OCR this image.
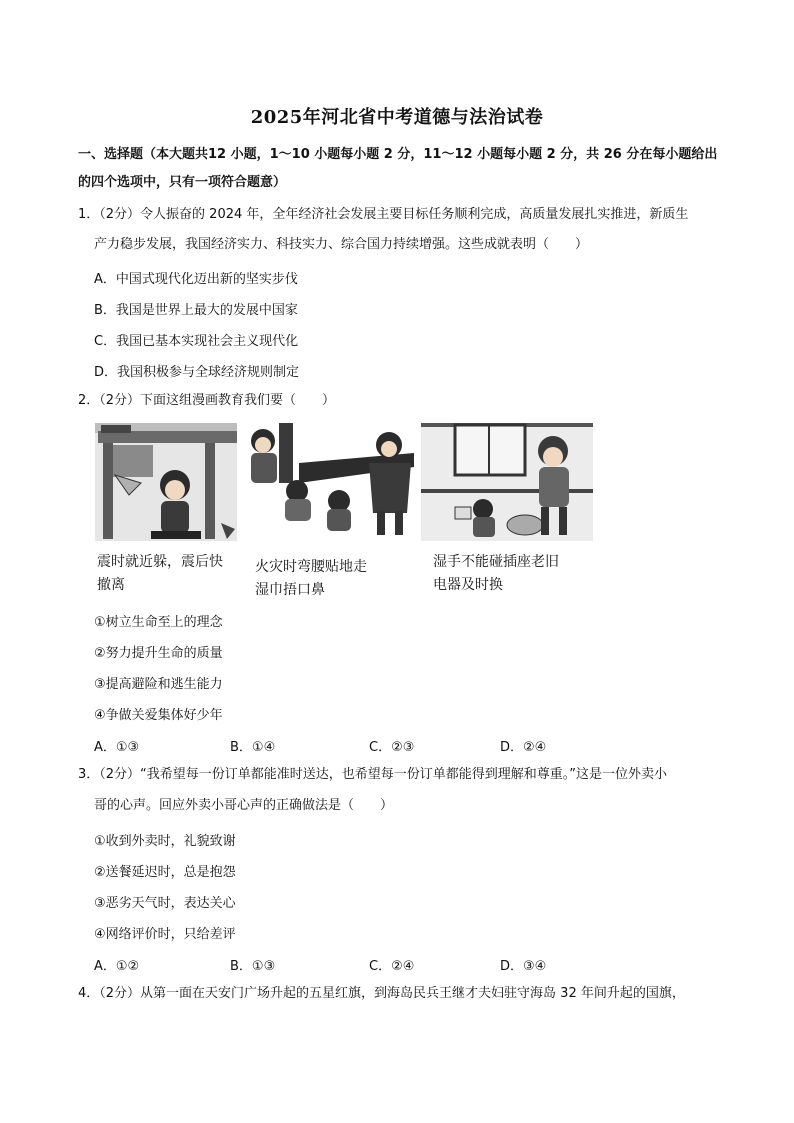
2025年河北省中考道德与法治试卷
一、选择题（本大题共12 小题，1～10 小题每小题 2 分，11～12 小题每小题 2 分，共 26 分在每小题给出
的四个选项中，只有一项符合题意）
1．（2分）令人振奋的 2024 年，全年经济社会发展主要目标任务顺利完成，高质量发展扎实推进，新质生
产力稳步发展，我国经济实力、科技实力、综合国力持续增强。这些成就表明（　　）
A．中国式现代化迈出新的坚实步伐
B．我国是世界上最大的发展中国家
C．我国已基本实现社会主义现代化
D．我国积极参与全球经济规则制定
2．（2分）下面这组漫画教育我们要（　　）
震时就近躲，震后快
撤离
火灾时弯腰贴地走
湿巾捂口鼻
湿手不能碰插座老旧
电器及时换
①树立生命至上的理念
②努力提升生命的质量
③提高避险和逃生能力
④争做关爱集体好少年
A．①③	B．①④	C．②③	D．②④
3．（2分）“我希望每一份订单都能准时送达，也希望每一份订单都能得到理解和尊重。”这是一位外卖小
哥的心声。回应外卖小哥心声的正确做法是（　　）
①收到外卖时，礼貌致谢
②送餐延迟时，总是抱怨
③恶劣天气时，表达关心
④网络评价时，只给差评
A．①②	B．①③	C．②④	D．③④
4．（2分）从第一面在天安门广场升起的五星红旗，到海岛民兵王继才夫妇驻守海岛 32 年间升起的国旗，
